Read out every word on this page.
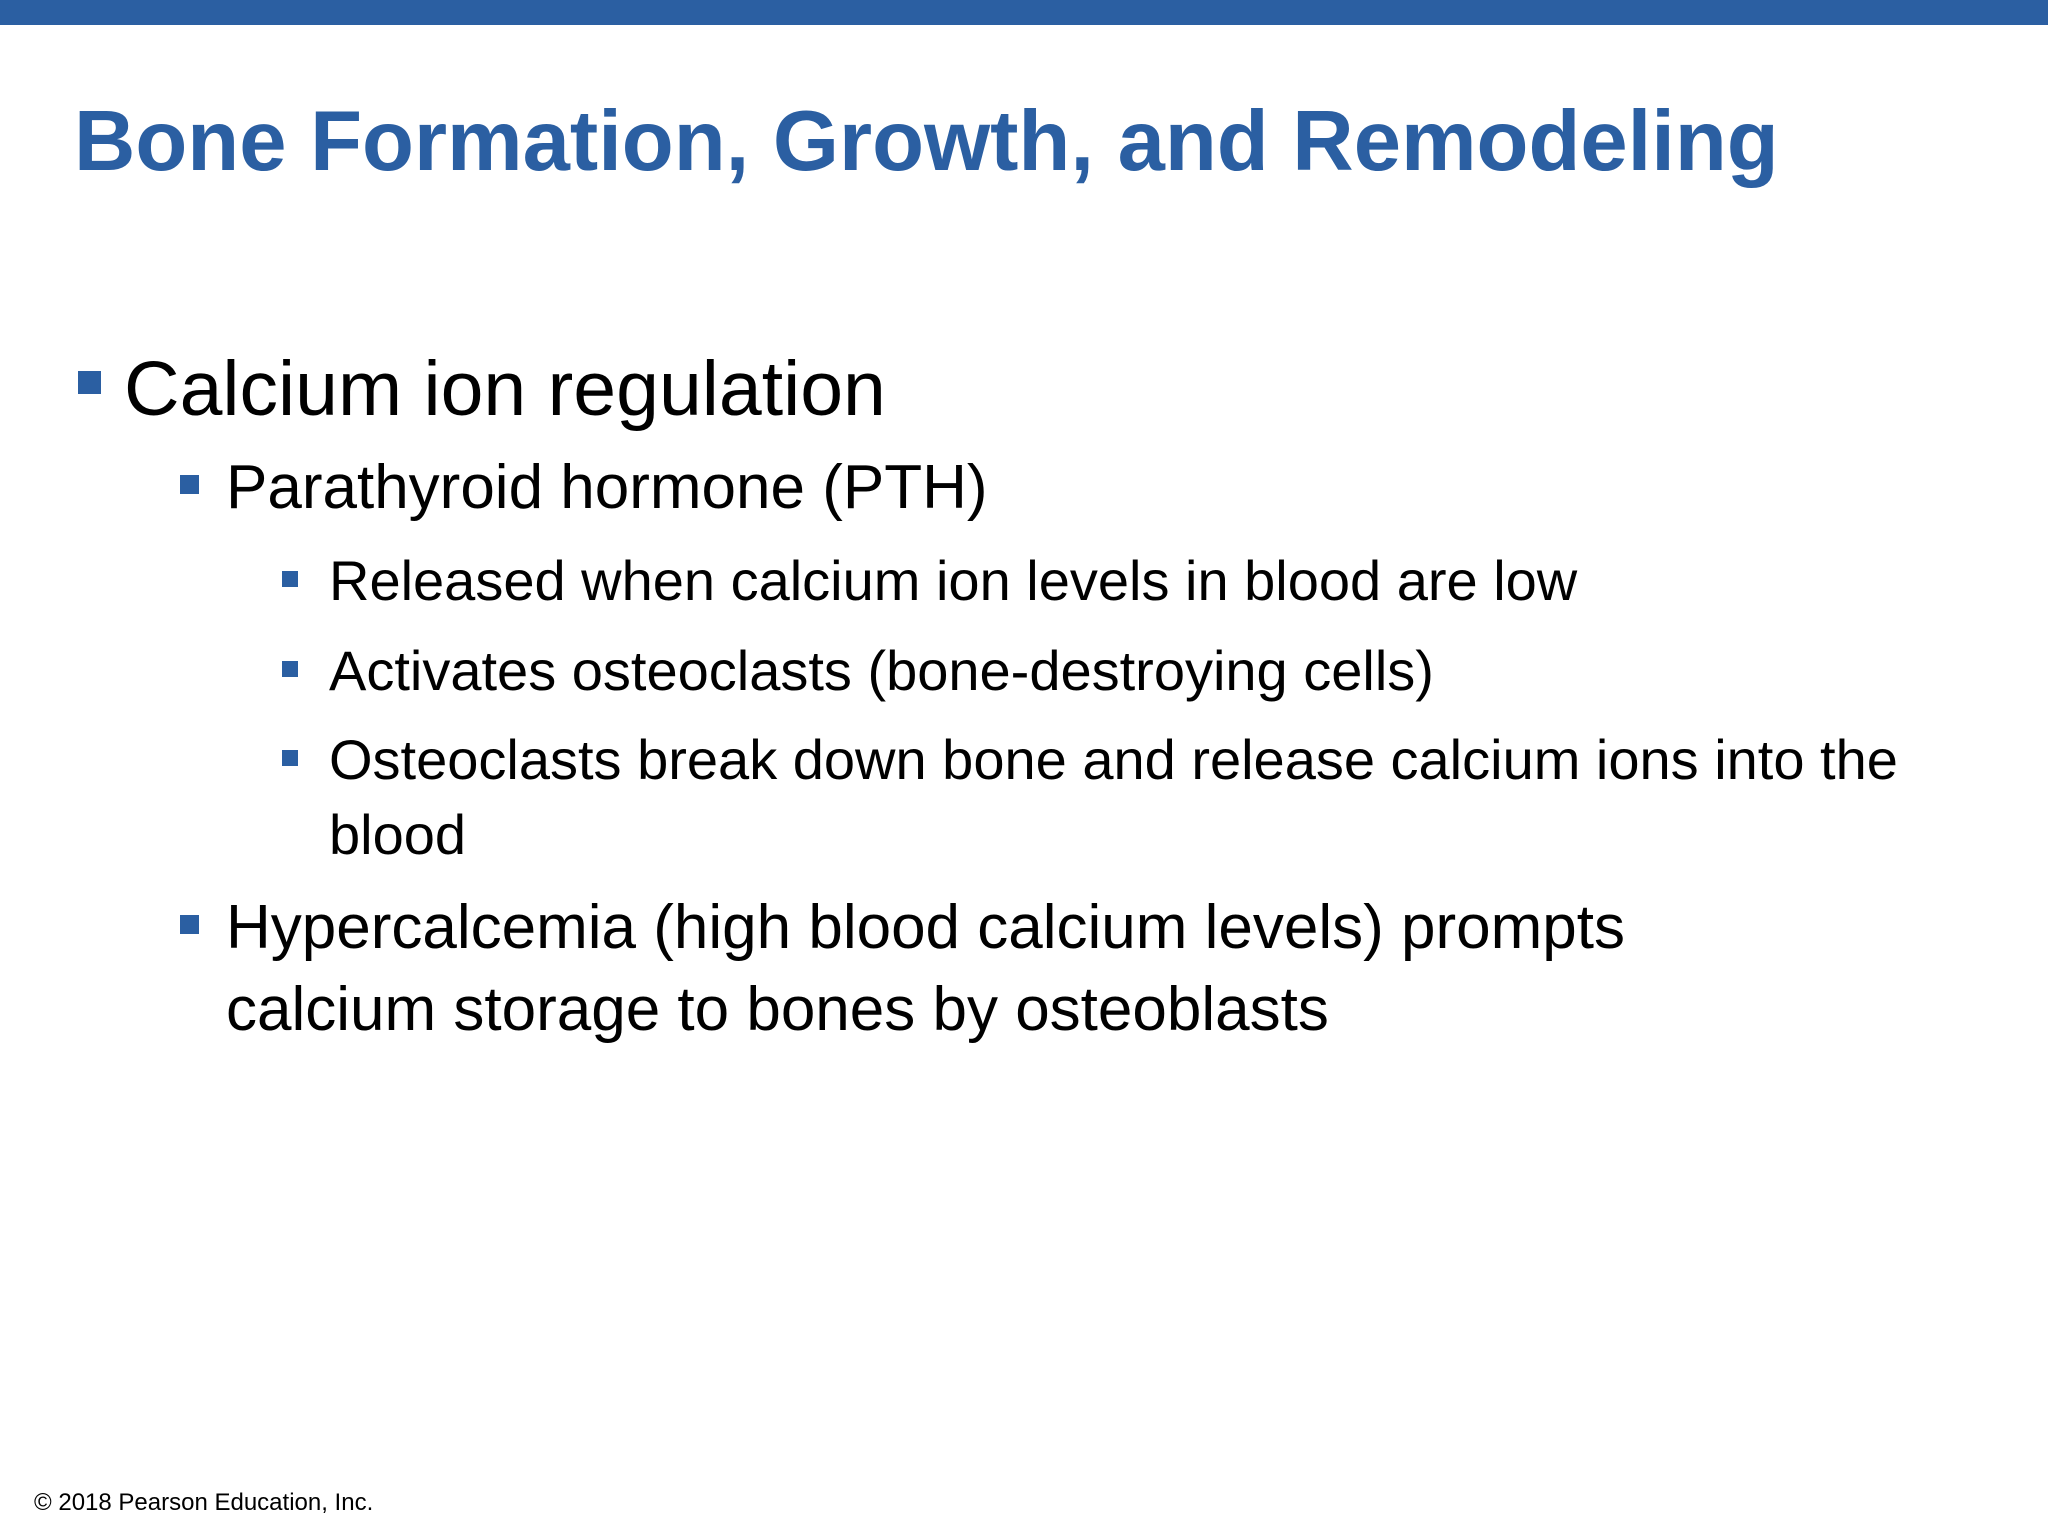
Bone Formation, Growth, and Remodeling
Calcium ion regulation
Parathyroid hormone (PTH)
Released when calcium ion levels in blood are low
Activates osteoclasts (bone-destroying cells)
Osteoclasts break down bone and release calcium ions into the blood
Hypercalcemia (high blood calcium levels) prompts calcium storage to bones by osteoblasts
© 2018 Pearson Education, Inc.
